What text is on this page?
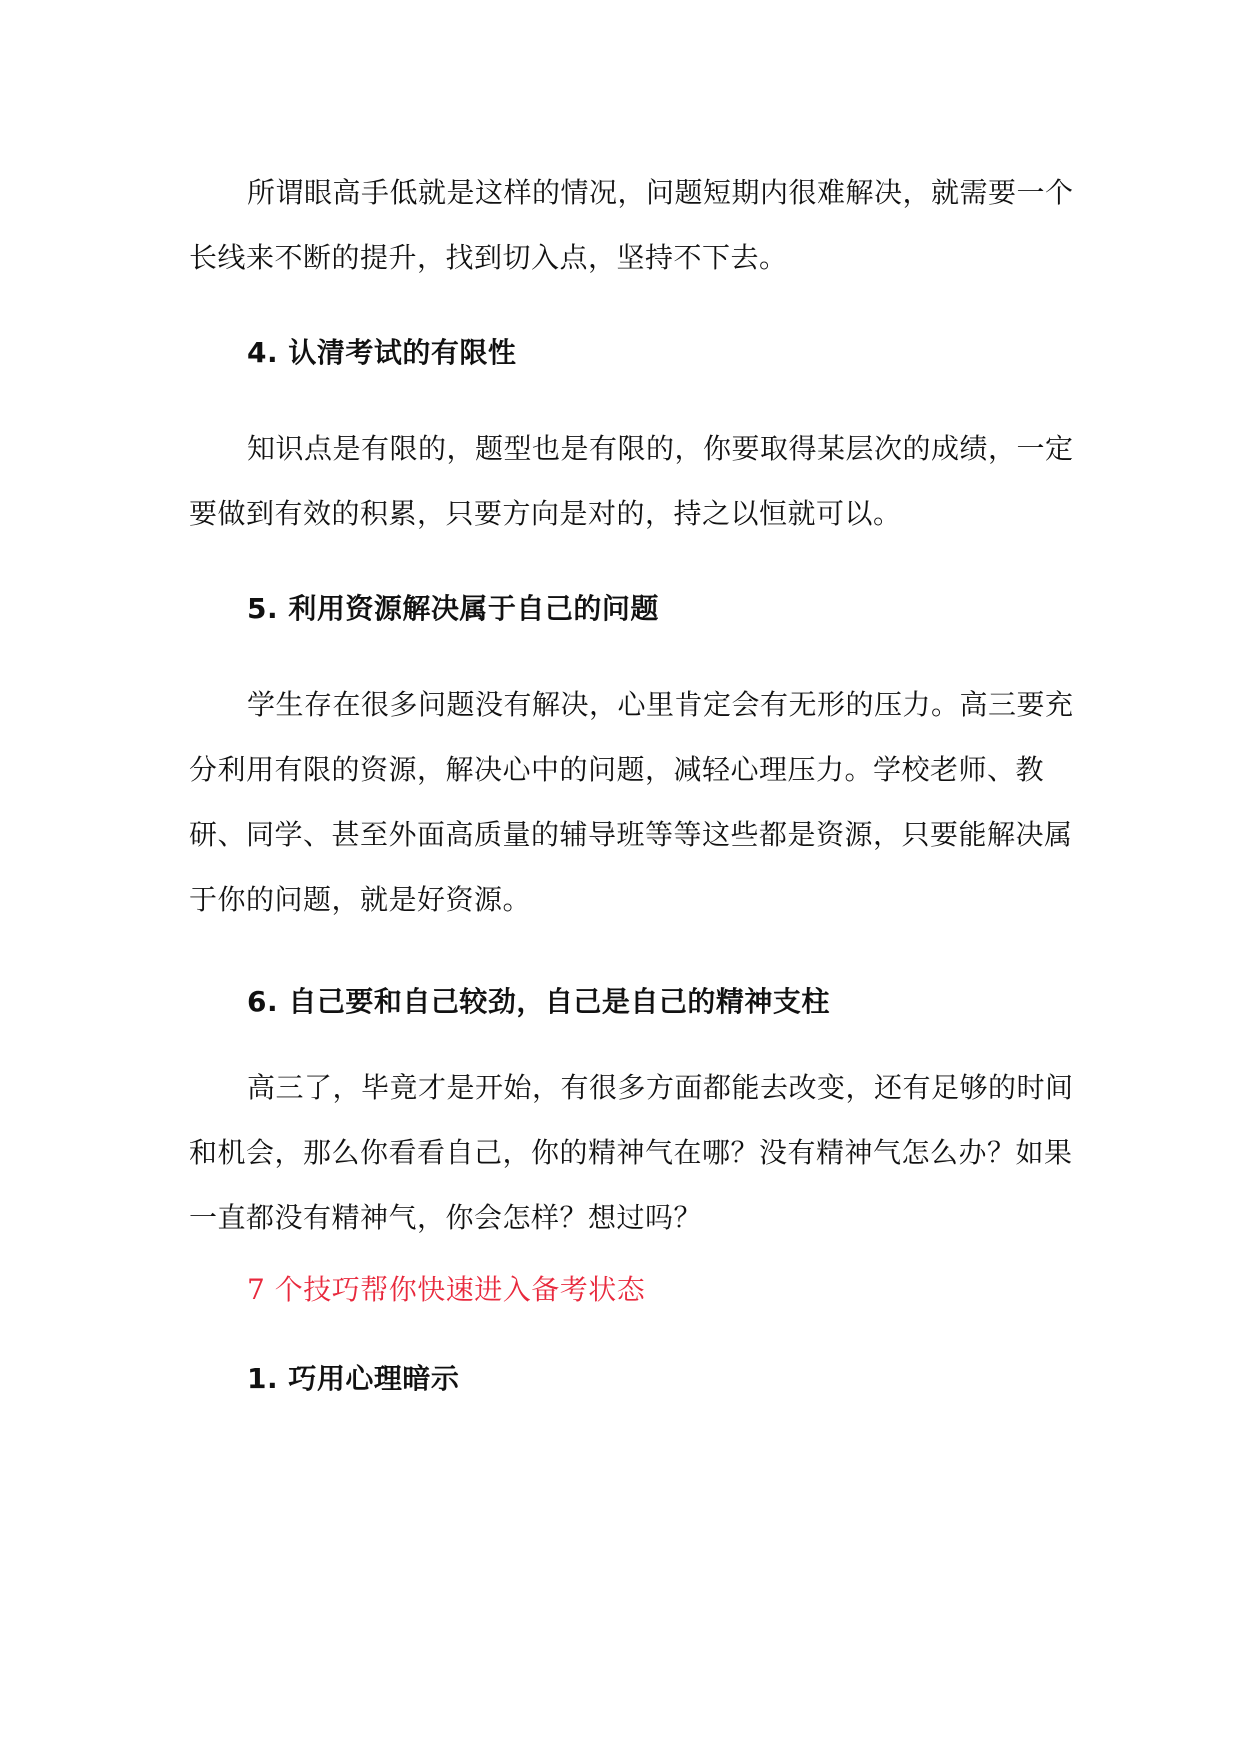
所谓眼高手低就是这样的情况，问题短期内很难解决，就需要一个长线来不断的提升，找到切入点，坚持不下去。

4. 认清考试的有限性

知识点是有限的，题型也是有限的，你要取得某层次的成绩，一定要做到有效的积累，只要方向是对的，持之以恒就可以。

5. 利用资源解决属于自己的问题

学生存在很多问题没有解决，心里肯定会有无形的压力。高三要充分利用有限的资源，解决心中的问题，减轻心理压力。学校老师、教研、同学、甚至外面高质量的辅导班等等这些都是资源，只要能解决属于你的问题，就是好资源。

6. 自己要和自己较劲，自己是自己的精神支柱

高三了，毕竟才是开始，有很多方面都能去改变，还有足够的时间和机会，那么你看看自己，你的精神气在哪？没有精神气怎么办？如果一直都没有精神气，你会怎样？想过吗？

7 个技巧帮你快速进入备考状态

1. 巧用心理暗示
